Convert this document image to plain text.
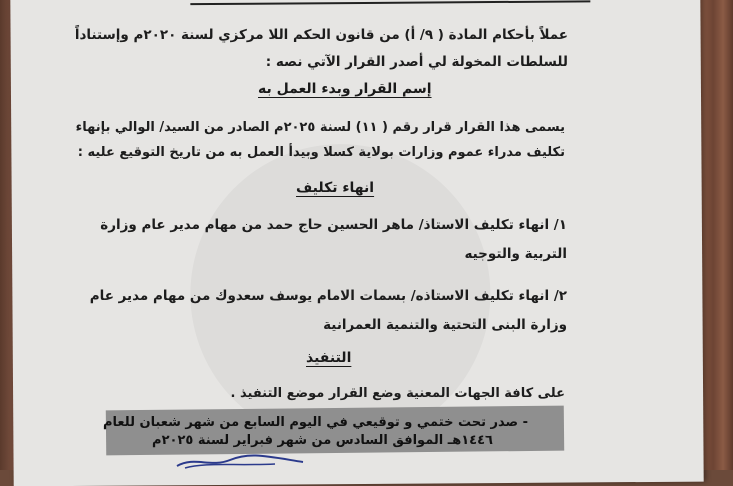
عملاً بأحكام المادة ( ٩/ أ) من قانون الحكم اللا مركزي لسنة ٢٠٢٠م وإستناداً
للسلطات المخولة لي أصدر القرار الآتي نصه :
إسم القرار وبدء العمل به
يسمى هذا القرار قرار رقم ( ١١) لسنة ٢٠٢٥م الصادر من السيد/ الوالي بإنهاء
تكليف مدراء عموم وزارات بولاية كسلا وبيدأ العمل به من تاريخ التوقيع عليه :
انهاء تكليف
١/ انهاء تكليف الاستاذ/ ماهر الحسين حاج حمد من مهام مدير عام وزارة
التربية والتوجيه
٢/ انهاء تكليف الاستاذه/ بسمات الامام يوسف سعدوك من مهام مدير عام
وزارة البنى التحتية والتنمية العمرانية
التنفيذ
على كافة الجهات المعنية وضع القرار موضع التنفيذ .
- صدر تحت ختمي و توقيعي في اليوم السابع من شهر شعبان للعام
١٤٤٦هـ الموافق السادس من شهر فبراير لسنة ٢٠٢٥م
